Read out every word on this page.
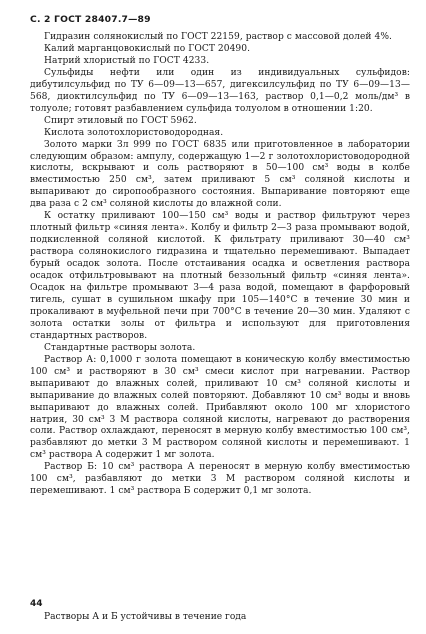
С. 2 ГОСТ 28407.7—89

Гидразин солянокислый по ГОСТ 22159, раствор с массовой долей 4%.

Калий марганцовокислый по ГОСТ 20490.

Натрий хлористый по ГОСТ 4233.

Сульфиды нефти или один из индивидуальных сульфидов: дибутилсульфид по ТУ 6—09—13—657, дигексилсульфид по ТУ 6—09—13—568, диоктилсульфид по ТУ 6—09—13—163, раствор 0,1—0,2 моль/дм³ в толуоле; готовят разбавлением сульфида толуолом в отношении 1:20.

Спирт этиловый по ГОСТ 5962.

Кислота золотохлористоводородная.

Золото марки Зл 999 по ГОСТ 6835 или приготовленное в лаборатории следующим образом: ампулу, содержащую 1—2 г золотохлористоводородной кислоты, вскрывают и соль растворяют в 50—100 см³ воды в колбе вместимостью 250 см³, затем приливают 5 см³ соляной кислоты и выпаривают до сиропообразного состояния. Выпаривание повторяют еще два раза с 2 см³ соляной кислоты до влажной соли.

К остатку приливают 100—150 см³ воды и раствор фильтруют через плотный фильтр «синяя лента». Колбу и фильтр 2—3 раза промывают водой, подкисленной соляной кислотой. К фильтрату приливают 30—40 см³ раствора солянокислого гидразина и тщательно перемешивают. Выпадает бурый осадок золота. После отстаивания осадка и осветления раствора осадок отфильтровывают на плотный беззольный фильтр «синяя лента». Осадок на фильтре промывают 3—4 раза водой, помещают в фарфоровый тигель, сушат в сушильном шкафу при 105—140°С в течение 30 мин и прокаливают в муфельной печи при 700°С в течение 20—30 мин. Удаляют с золота остатки золы от фильтра и используют для приготовления стандартных растворов.

Стандартные растворы золота.

Раствор А: 0,1000 г золота помещают в коническую колбу вместимостью 100 см³ и растворяют в 30 см³ смеси кислот при нагревании. Раствор выпаривают до влажных солей, приливают 10 см³ соляной кислоты и выпаривание до влажных солей повторяют. Добавляют 10 см³ воды и вновь выпаривают до влажных солей. Прибавляют около 100 мг хлористого натрия, 30 см³ 3 М раствора соляной кислоты, нагревают до растворения соли. Раствор охлаждают, переносят в мерную колбу вместимостью 100 см³, разбавляют до метки 3 М раствором соляной кислоты и перемешивают. 1 см³ раствора А содержит 1 мг золота.

Раствор Б: 10 см³ раствора А переносят в мерную колбу вместимостью 100 см³, разбавляют до метки 3 М раствором соляной кислоты и перемешивают. 1 см³ раствора Б содержит 0,1 мг золота.

44
Растворы А и Б устойчивы в течение года
